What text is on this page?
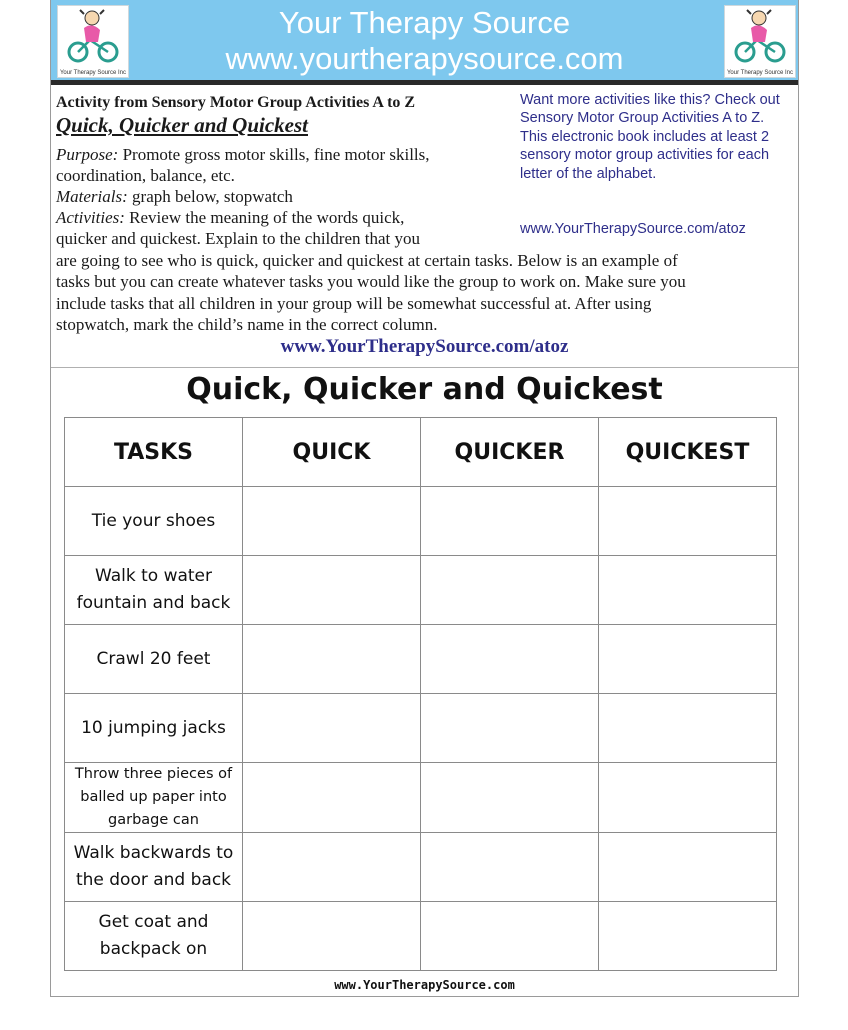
Your Therapy Source Inc
Your Therapy Source
www.yourtherapysource.com	Your Therapy Source Inc
Activity from Sensory Motor Group Activities A to Z
Quick, Quicker and Quickest
Purpose: Promote gross motor skills, fine motor skills,
coordination, balance, etc.
Materials: graph below, stopwatch
Activities: Review the meaning of the words quick,
quicker and quickest. Explain to the children that you
are going to see who is quick, quicker and quickest at certain tasks. Below is an example of
tasks but you can create whatever tasks you would like the group to work on. Make sure you
include tasks that all children in your group will be somewhat successful at. After using
stopwatch, mark the child’s name in the correct column.
Want more activities like this? Check out Sensory Motor Group Activities A to Z. This electronic book includes at least 2 sensory motor group activities for each letter of the alphabet.
www.YourTherapySource.com/atoz
www.YourTherapySource.com/atoz
Quick, Quicker and Quickest
TASKS	QUICK	QUICKER	QUICKEST
Tie your shoes			
Walk to water fountain and back			
Crawl 20 feet			
10 jumping jacks			
Throw three pieces of balled up paper into garbage can			
Walk backwards to the door and back			
Get coat and backpack on			
www.YourTherapySource.com
